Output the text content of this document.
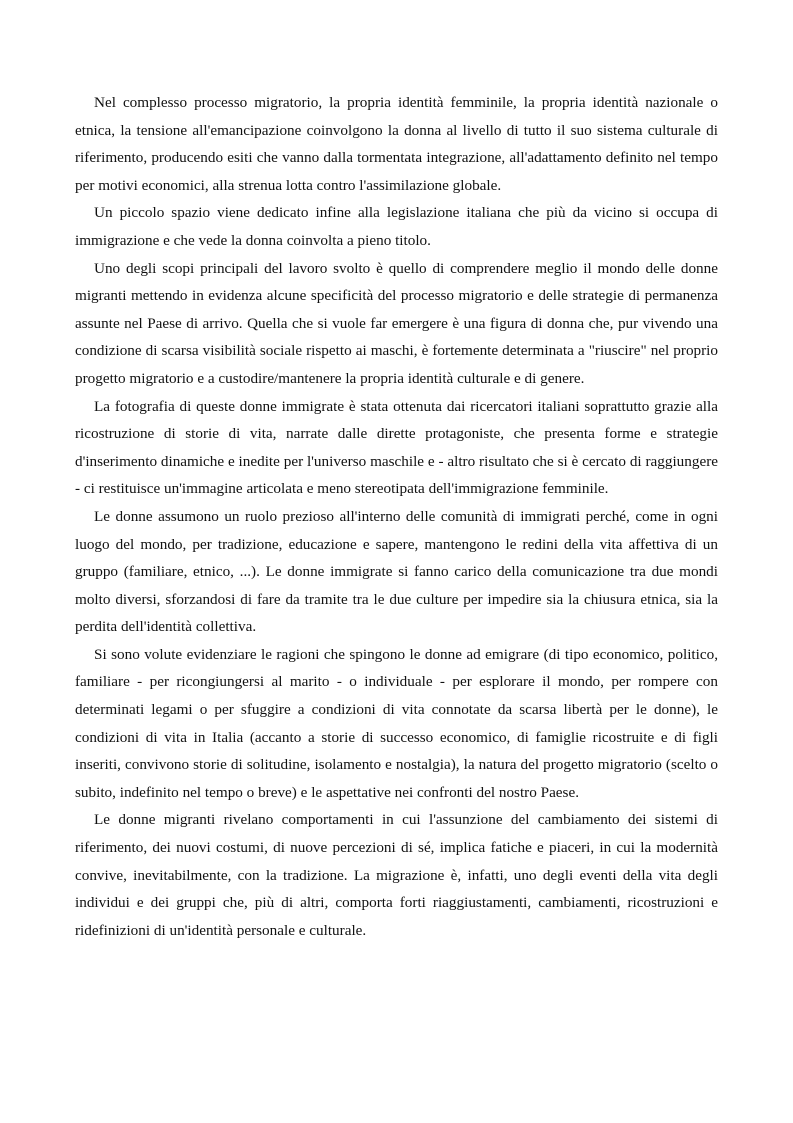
Nel complesso processo migratorio, la propria identità femminile, la propria identità nazionale o etnica, la tensione all'emancipazione coinvolgono la donna al livello di tutto il suo sistema culturale di riferimento, producendo esiti che vanno dalla tormentata integrazione, all'adattamento definito nel tempo per motivi economici, alla strenua lotta contro l'assimilazione globale.

Un piccolo spazio viene dedicato infine alla legislazione italiana che più da vicino si occupa di immigrazione e che vede la donna coinvolta a pieno titolo.

Uno degli scopi principali del lavoro svolto è quello di comprendere meglio il mondo delle donne migranti mettendo in evidenza alcune specificità del processo migratorio e delle strategie di permanenza assunte nel Paese di arrivo. Quella che si vuole far emergere è una figura di donna che, pur vivendo una condizione di scarsa visibilità sociale rispetto ai maschi, è fortemente determinata a "riuscire" nel proprio progetto migratorio e a custodire/mantenere la propria identità culturale e di genere.

La fotografia di queste donne immigrate è stata ottenuta dai ricercatori italiani soprattutto grazie alla ricostruzione di storie di vita, narrate dalle dirette protagoniste, che presenta forme e strategie d'inserimento dinamiche e inedite per l'universo maschile e - altro risultato che si è cercato di raggiungere - ci restituisce un'immagine articolata e meno stereotipata dell'immigrazione femminile.

Le donne assumono un ruolo prezioso all'interno delle comunità di immigrati perché, come in ogni luogo del mondo, per tradizione, educazione e sapere, mantengono le redini della vita affettiva di un gruppo (familiare, etnico, ...). Le donne immigrate si fanno carico della comunicazione tra due mondi molto diversi, sforzandosi di fare da tramite tra le due culture per impedire sia la chiusura etnica, sia la perdita dell'identità collettiva.

Si sono volute evidenziare le ragioni che spingono le donne ad emigrare (di tipo economico, politico, familiare - per ricongiungersi al marito - o individuale - per esplorare il mondo, per rompere con determinati legami o per sfuggire a condizioni di vita connotate da scarsa libertà per le donne), le condizioni di vita in Italia (accanto a storie di successo economico, di famiglie ricostruite e di figli inseriti, convivono storie di solitudine, isolamento e nostalgia), la natura del progetto migratorio (scelto o subito, indefinito nel tempo o breve) e le aspettative nei confronti del nostro Paese.

Le donne migranti rivelano comportamenti in cui l'assunzione del cambiamento dei sistemi di riferimento, dei nuovi costumi, di nuove percezioni di sé, implica fatiche e piaceri, in cui la modernità convive, inevitabilmente, con la tradizione. La migrazione è, infatti, uno degli eventi della vita degli individui e dei gruppi che, più di altri, comporta forti riaggiustamenti, cambiamenti, ricostruzioni e ridefinizioni di un'identità personale e culturale.
